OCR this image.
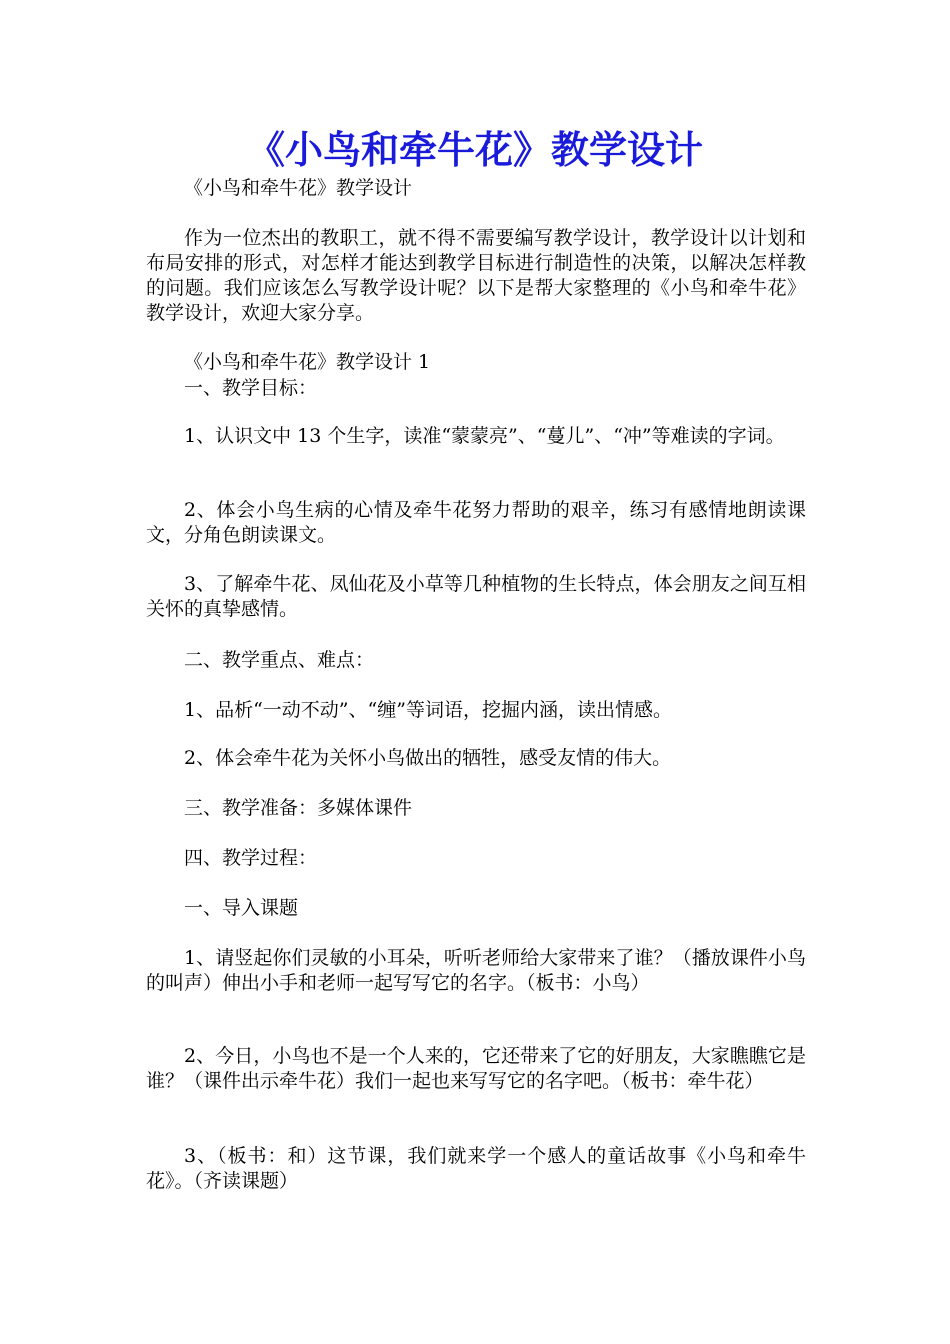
《小鸟和牵牛花》教学设计

《小鸟和牵牛花》教学设计

作为一位杰出的教职工，就不得不需要编写教学设计，教学设计以计划和布局安排的形式，对怎样才能达到教学目标进行制造性的决策，以解决怎样教的问题。我们应该怎么写教学设计呢？以下是帮大家整理的《小鸟和牵牛花》教学设计，欢迎大家分享。

《小鸟和牵牛花》教学设计 1

一、教学目标：

1、认识文中 13 个生字，读准“蒙蒙亮”、“蔓儿”、“冲”等难读的字词。

2、体会小鸟生病的心情及牵牛花努力帮助的艰辛，练习有感情地朗读课文，分角色朗读课文。

3、了解牵牛花、凤仙花及小草等几种植物的生长特点，体会朋友之间互相关怀的真挚感情。

二、教学重点、难点：

1、品析“一动不动”、“缠”等词语，挖掘内涵，读出情感。

2、体会牵牛花为关怀小鸟做出的牺牲，感受友情的伟大。

三、教学准备：多媒体课件

四、教学过程：

一、导入课题

1、请竖起你们灵敏的小耳朵，听听老师给大家带来了谁？（播放课件小鸟的叫声）伸出小手和老师一起写写它的名字。（板书：小鸟）

2、今日，小鸟也不是一个人来的，它还带来了它的好朋友，大家瞧瞧它是谁？（课件出示牵牛花）我们一起也来写写它的名字吧。（板书：牵牛花）

3、（板书：和）这节课，我们就来学一个感人的童话故事《小鸟和牵牛花》。（齐读课题）
